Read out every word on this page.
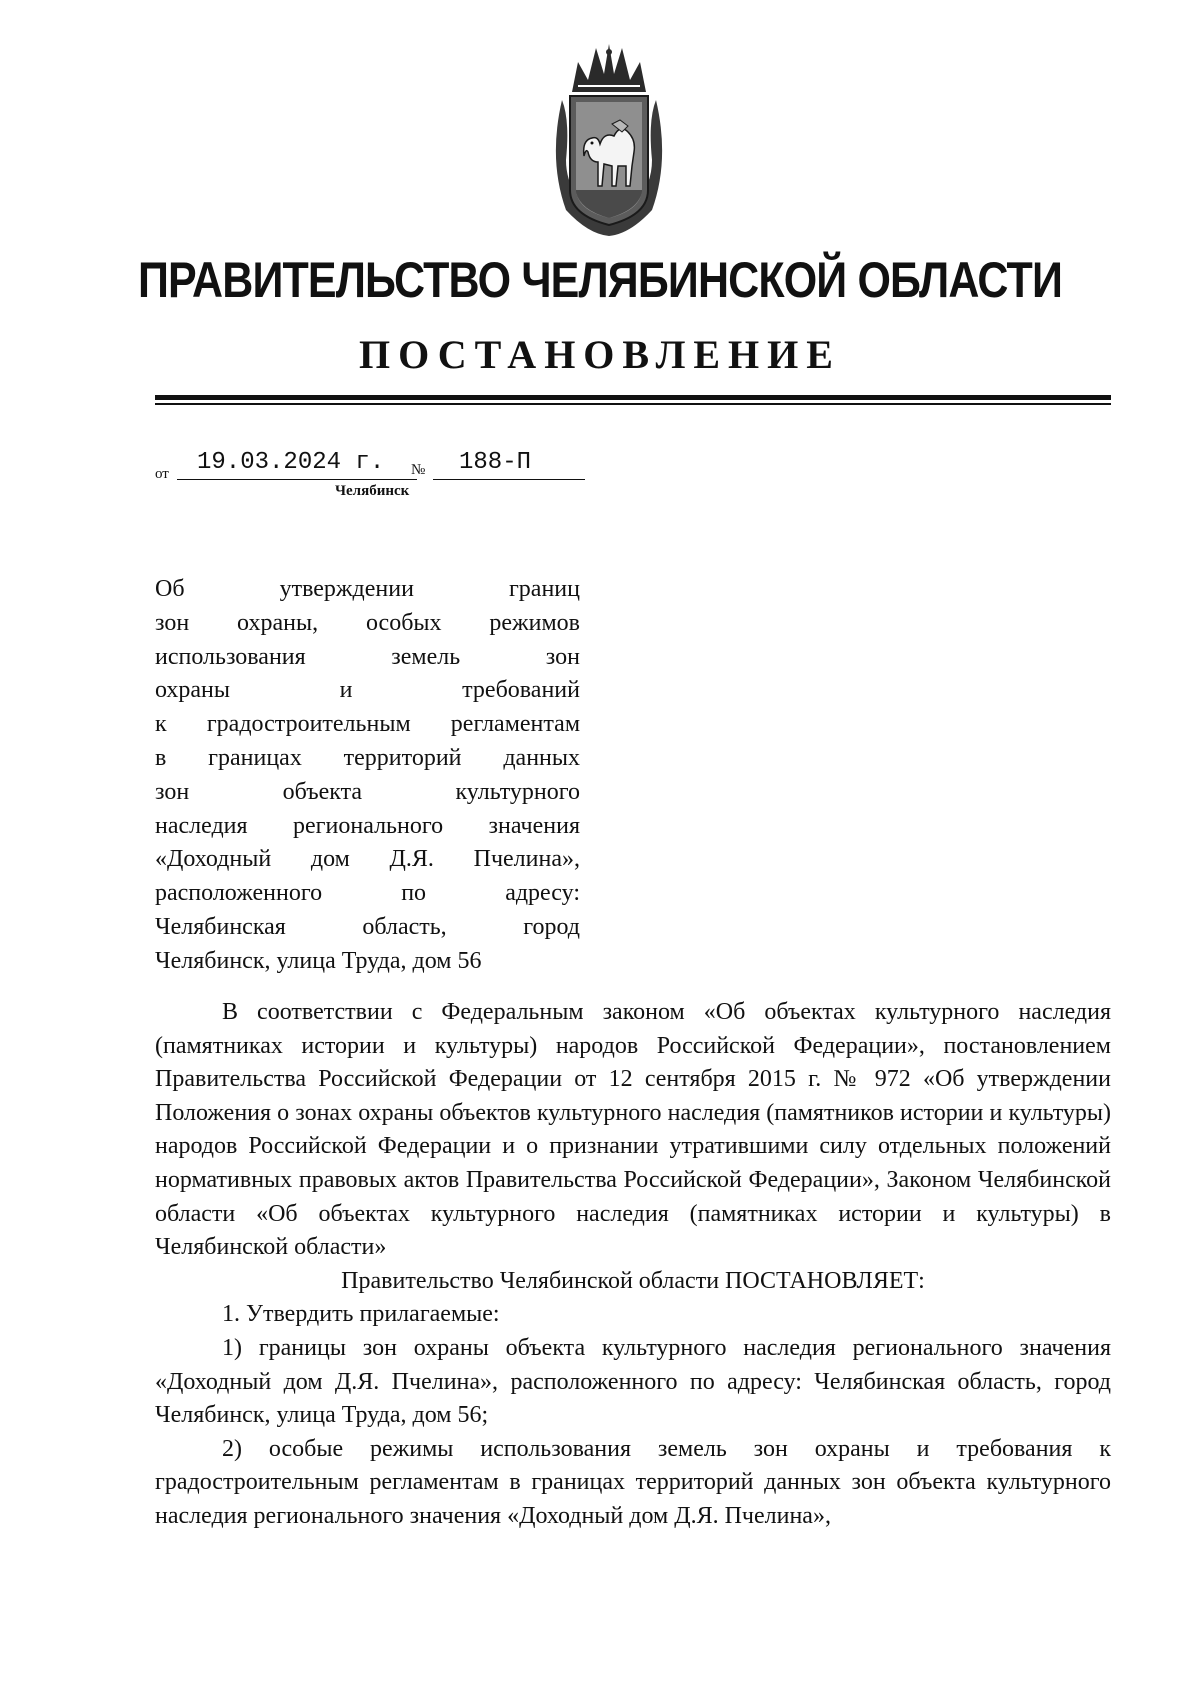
ПРАВИТЕЛЬСТВО ЧЕЛЯБИНСКОЙ ОБЛАСТИ
ПОСТАНОВЛЕНИЕ
от	19.03.2024 г.	№	188-П
Челябинск
Об утверждении границ
зон охраны, особых режимов
использования земель зон
охраны и требований
к градостроительным регламентам
в границах территорий данных
зон объекта культурного
наследия регионального значения
«Доходный дом Д.Я. Пчелина»,
расположенного по адресу:
Челябинская область, город
Челябинск, улица Труда, дом 56

В соответствии с Федеральным законом «Об объектах культурного наследия (памятниках истории и культуры) народов Российской Федерации», постановлением Правительства Российской Федерации от 12 сентября 2015 г. № 972 «Об утверждении Положения о зонах охраны объектов культурного наследия (памятников истории и культуры) народов Российской Федерации и о признании утратившими силу отдельных положений нормативных правовых актов Правительства Российской Федерации», Законом Челябинской области «Об объектах культурного наследия (памятниках истории и культуры) в Челябинской области»

Правительство Челябинской области ПОСТАНОВЛЯЕТ:

1. Утвердить прилагаемые:

1) границы зон охраны объекта культурного наследия регионального значения «Доходный дом Д.Я. Пчелина», расположенного по адресу: Челябинская область, город Челябинск, улица Труда, дом 56;

2) особые режимы использования земель зон охраны и требования к градостроительным регламентам в границах территорий данных зон объекта культурного наследия регионального значения «Доходный дом Д.Я. Пчелина»,
